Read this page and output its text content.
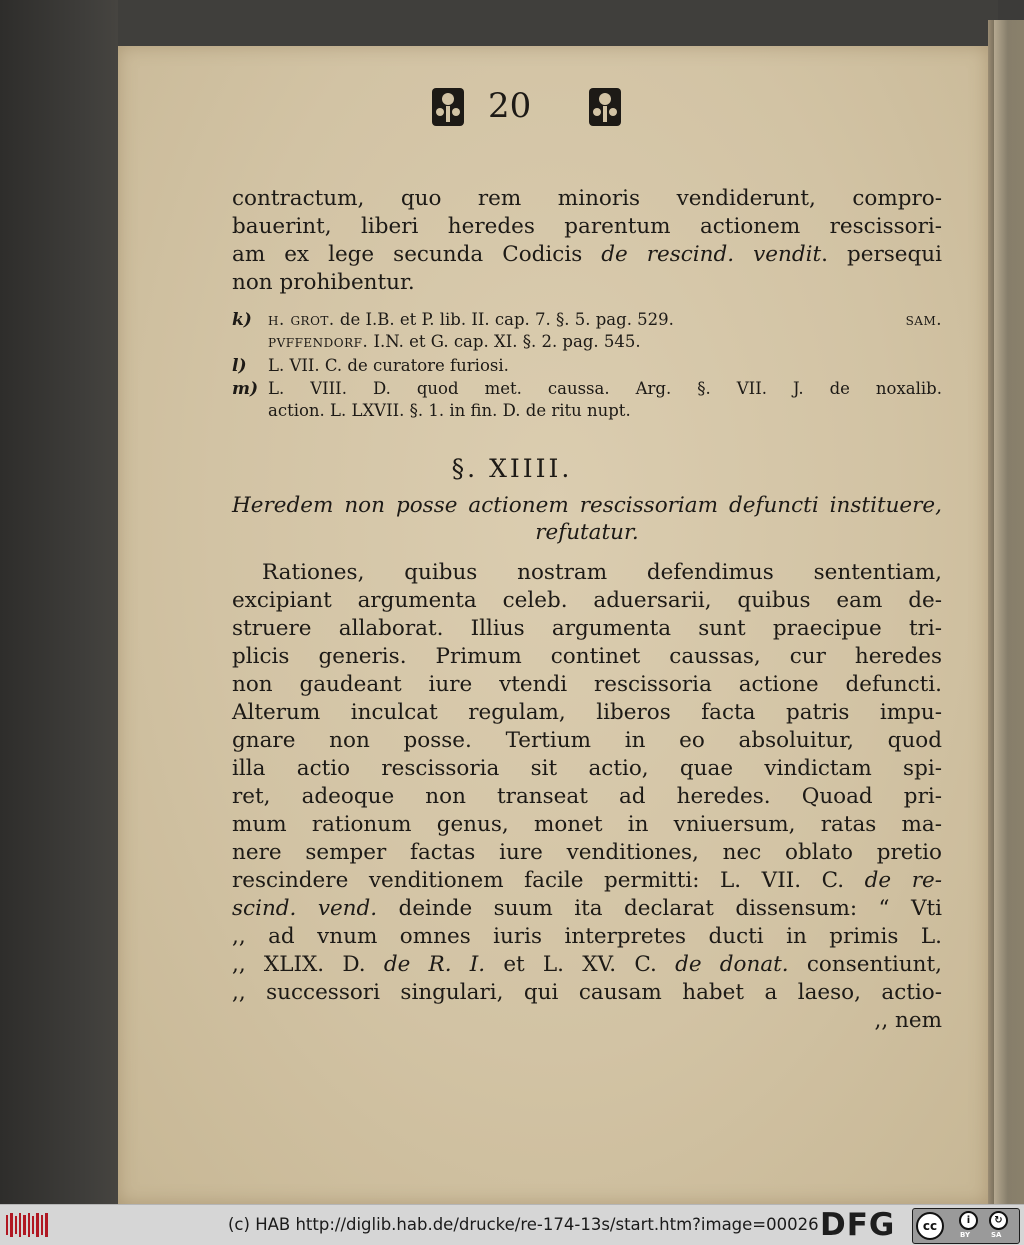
20
contractum, quo rem minoris vendiderunt, compro-
bauerint, liberi heredes parentum actionem rescissori-
am ex lege secunda Codicis de rescind. vendit. persequi
non prohibentur.
k) h. grot. de I.B. et P. lib. II. cap. 7. §. 5. pag. 529.	sam.
pvffendorf. I.N. et G. cap. XI. §. 2. pag. 545.
l) L. VII. C. de curatore furiosi.
m) L. VIII. D. quod met. caussa. Arg. §. VII. J. de noxalib.
action. L. LXVII. §. 1. in fin. D. de ritu nupt.
§. XIIII.
Heredem non posse actionem rescissoriam defuncti instituere,
refutatur.
Rationes, quibus nostram defendimus sententiam,
excipiant argumenta celeb. aduersarii, quibus eam de-
struere allaborat. Illius argumenta sunt praecipue tri-
plicis generis. Primum continet caussas, cur heredes
non gaudeant iure vtendi rescissoria actione defuncti.
Alterum inculcat regulam, liberos facta patris impu-
gnare non posse. Tertium in eo absoluitur, quod
illa actio rescissoria sit actio, quae vindictam spi-
ret, adeoque non transeat ad heredes. Quoad pri-
mum rationum genus, monet in vniuersum, ratas ma-
nere semper factas iure venditiones, nec oblato pretio
rescindere venditionem facile permitti: L. VII. C. de re-
scind. vend. deinde suum ita declarat dissensum: “ Vti
,, ad vnum omnes iuris interpretes ducti in primis L.
,, XLIX. D. de R. I. et L. XV. C. de donat. consentiunt,
,, successori singulari, qui causam habet a laeso, actio-
,, nem
(c) HAB http://diglib.hab.de/drucke/re-174-13s/start.htm?image=00026 DFG	cc	i	↻
BY	SA
